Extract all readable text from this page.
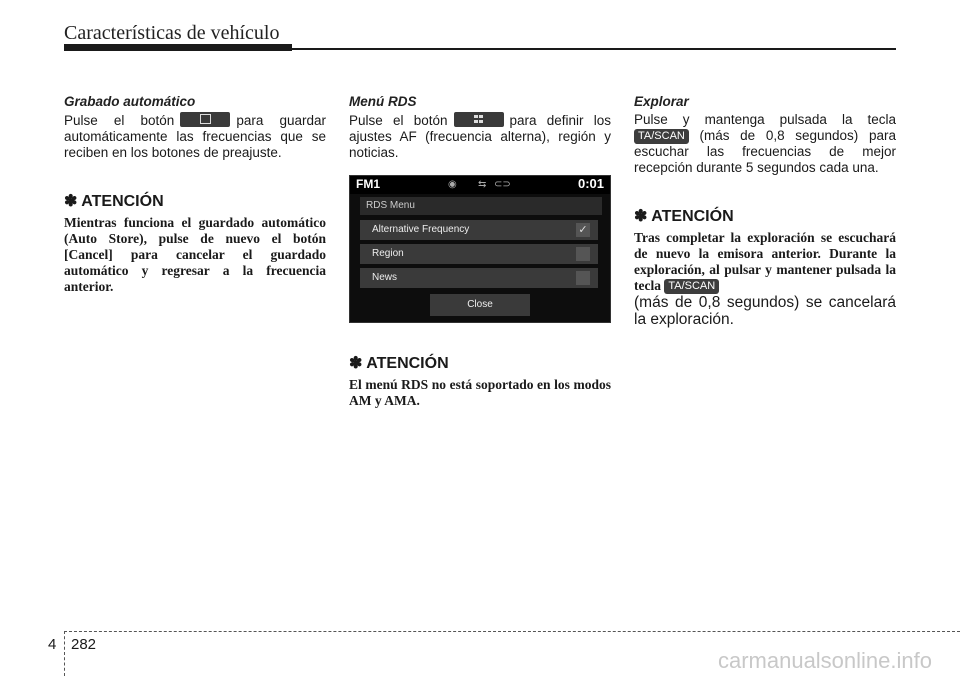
Características de vehículo
Grabado automático

Pulse el botón	para guardar automáticamente las frecuencias que se reciben en los botones de preajuste.

✽ ATENCIÓN

Mientras funciona el guardado automático (Auto Store), pulse de nuevo el botón [Cancel] para cancelar el guardado automático y regresar a la frecuencia anterior.

Menú RDS

Pulse el botón	para definir los ajustes AF (frecuencia alterna), región y noticias.

FM1	◉ ⇆ ⊂⊃	0:01
RDS Menu
Alternative Frequency	✓
Region
News
Close
✽ ATENCIÓN

El menú RDS no está soportado en los modos AM y AMA.

Explorar

Pulse y mantenga pulsada la tecla TA/SCAN (más de 0,8 segundos) para escuchar las frecuencias de mejor recepción durante 5 segundos cada una.

✽ ATENCIÓN

Tras completar la exploración se escuchará de nuevo la emisora anterior. Durante la exploración, al pulsar y mantener pulsada la tecla TA/SCAN

(más de 0,8 segundos) se cancelará la exploración.

4 282
carmanualsonline.info
